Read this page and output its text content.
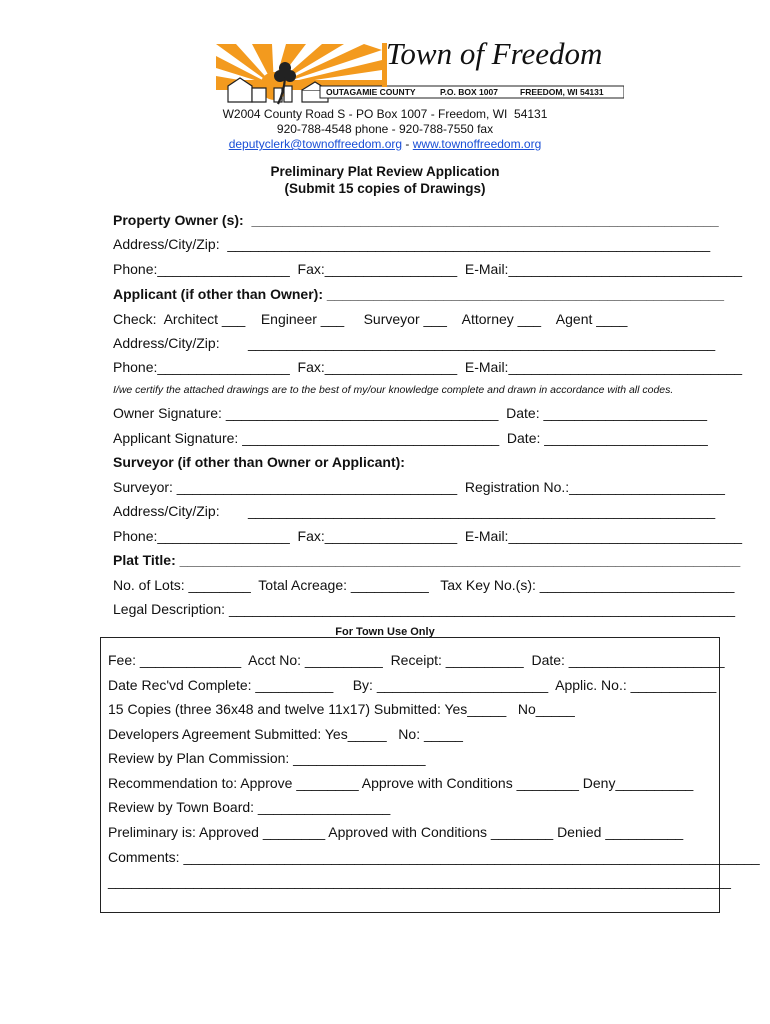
Town of Freedom
OUTAGAMIE COUNTY	P.O. BOX 1007	FREEDOM, WI 54131
W2004 County Road S - PO Box 1007 - Freedom, WI  54131
920-788-4548 phone - 920-788-7550 fax
deputyclerk@townoffreedom.org - www.townoffreedom.org
Preliminary Plat Review Application
(Submit 15 copies of Drawings)
Property Owner (s):  ____________________________________________________________
Address/City/Zip:  ______________________________________________________________
Phone:_________________  Fax:_________________  E-Mail:______________________________
Applicant (if other than Owner): ___________________________________________________
Check:  Architect ___    Engineer ___     Surveyor ___    Attorney ___    Agent ____
Address/City/Zip: ____________________________________________________________
Phone:_________________  Fax:_________________  E-Mail:______________________________
I/we certify the attached drawings are to the best of my/our knowledge complete and drawn in accordance with all codes.
Owner Signature: ___________________________________  Date: _____________________
Applicant Signature: _________________________________  Date: _____________________
Surveyor (if other than Owner or Applicant):
Surveyor: ____________________________________  Registration No.:____________________
Address/City/Zip: ____________________________________________________________
Phone:_________________  Fax:_________________  E-Mail:______________________________
Plat Title: ________________________________________________________________________
No. of Lots: ________  Total Acreage: __________   Tax Key No.(s): _________________________
Legal Description: _________________________________________________________________
For Town Use Only
Fee: _____________  Acct No: __________  Receipt: __________  Date: ____________________
Date Rec'vd Complete: __________     By: ______________________  Applic. No.: ___________
15 Copies (three 36x48 and twelve 11x17) Submitted: Yes_____   No_____
Developers Agreement Submitted: Yes_____   No: _____
Review by Plan Commission: _________________
Recommendation to: Approve ________ Approve with Conditions ________ Deny__________
Review by Town Board: _________________
Preliminary is: Approved ________ Approved with Conditions ________ Denied __________
Comments: __________________________________________________________________________
________________________________________________________________________________
